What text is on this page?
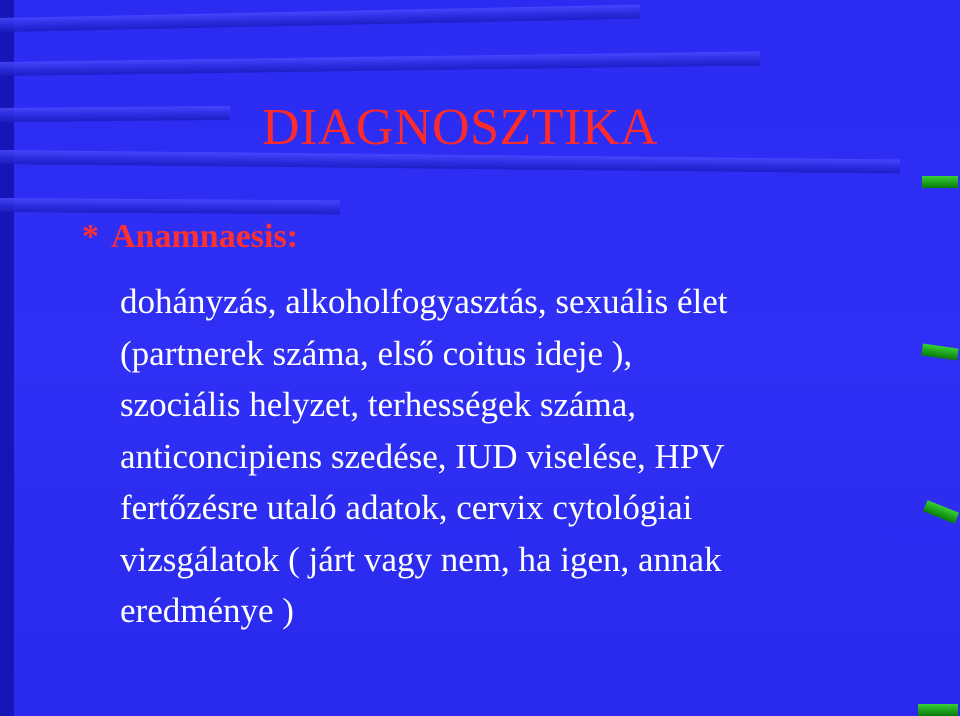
DIAGNOSZTIKA
* Anamnaesis:
dohányzás, alkoholfogyasztás, sexuális élet
(partnerek száma, első coitus ideje ),
szociális helyzet, terhességek száma,
anticoncipiens szedése, IUD viselése, HPV
fertőzésre utaló adatok, cervix cytológiai
vizsgálatok ( járt vagy nem, ha igen, annak
eredménye )
